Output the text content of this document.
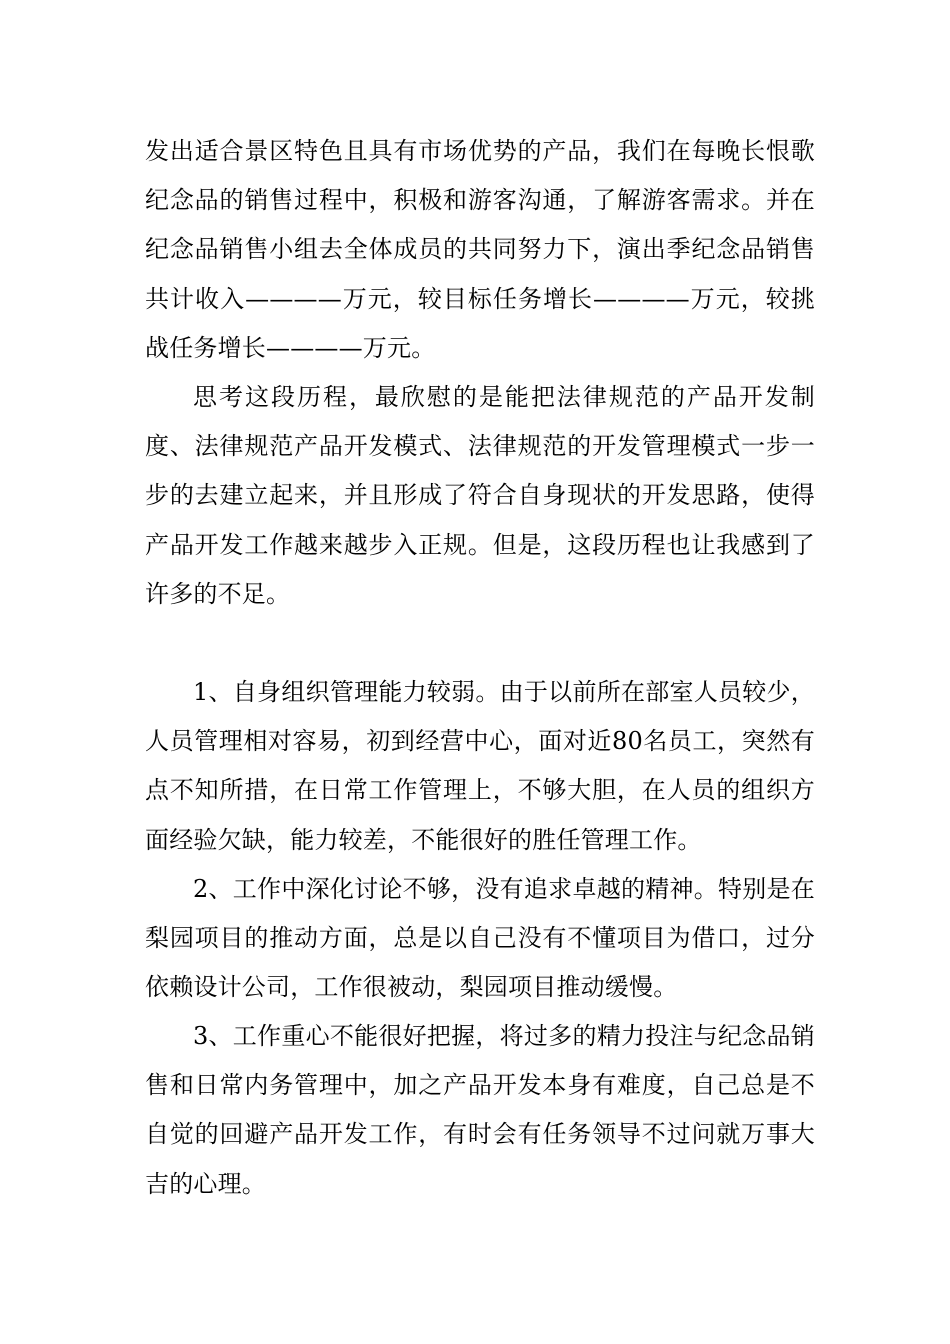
发出适合景区特色且具有市场优势的产品，我们在每晚长恨歌纪念品的销售过程中，积极和游客沟通，了解游客需求。并在纪念品销售小组去全体成员的共同努力下，演出季纪念品销售共计收入————万元，较目标任务增长————万元，较挑战任务增长————万元。

思考这段历程，最欣慰的是能把法律规范的产品开发制度、法律规范产品开发模式、法律规范的开发管理模式一步一步的去建立起来，并且形成了符合自身现状的开发思路，使得产品开发工作越来越步入正规。但是，这段历程也让我感到了许多的不足。

1、自身组织管理能力较弱。由于以前所在部室人员较少，人员管理相对容易，初到经营中心，面对近80名员工，突然有点不知所措，在日常工作管理上，不够大胆，在人员的组织方面经验欠缺，能力较差，不能很好的胜任管理工作。

2、工作中深化讨论不够，没有追求卓越的精神。特别是在梨园项目的推动方面，总是以自己没有不懂项目为借口，过分依赖设计公司，工作很被动，梨园项目推动缓慢。

3、工作重心不能很好把握，将过多的精力投注与纪念品销售和日常内务管理中，加之产品开发本身有难度，自己总是不自觉的回避产品开发工作，有时会有任务领导不过问就万事大吉的心理。
